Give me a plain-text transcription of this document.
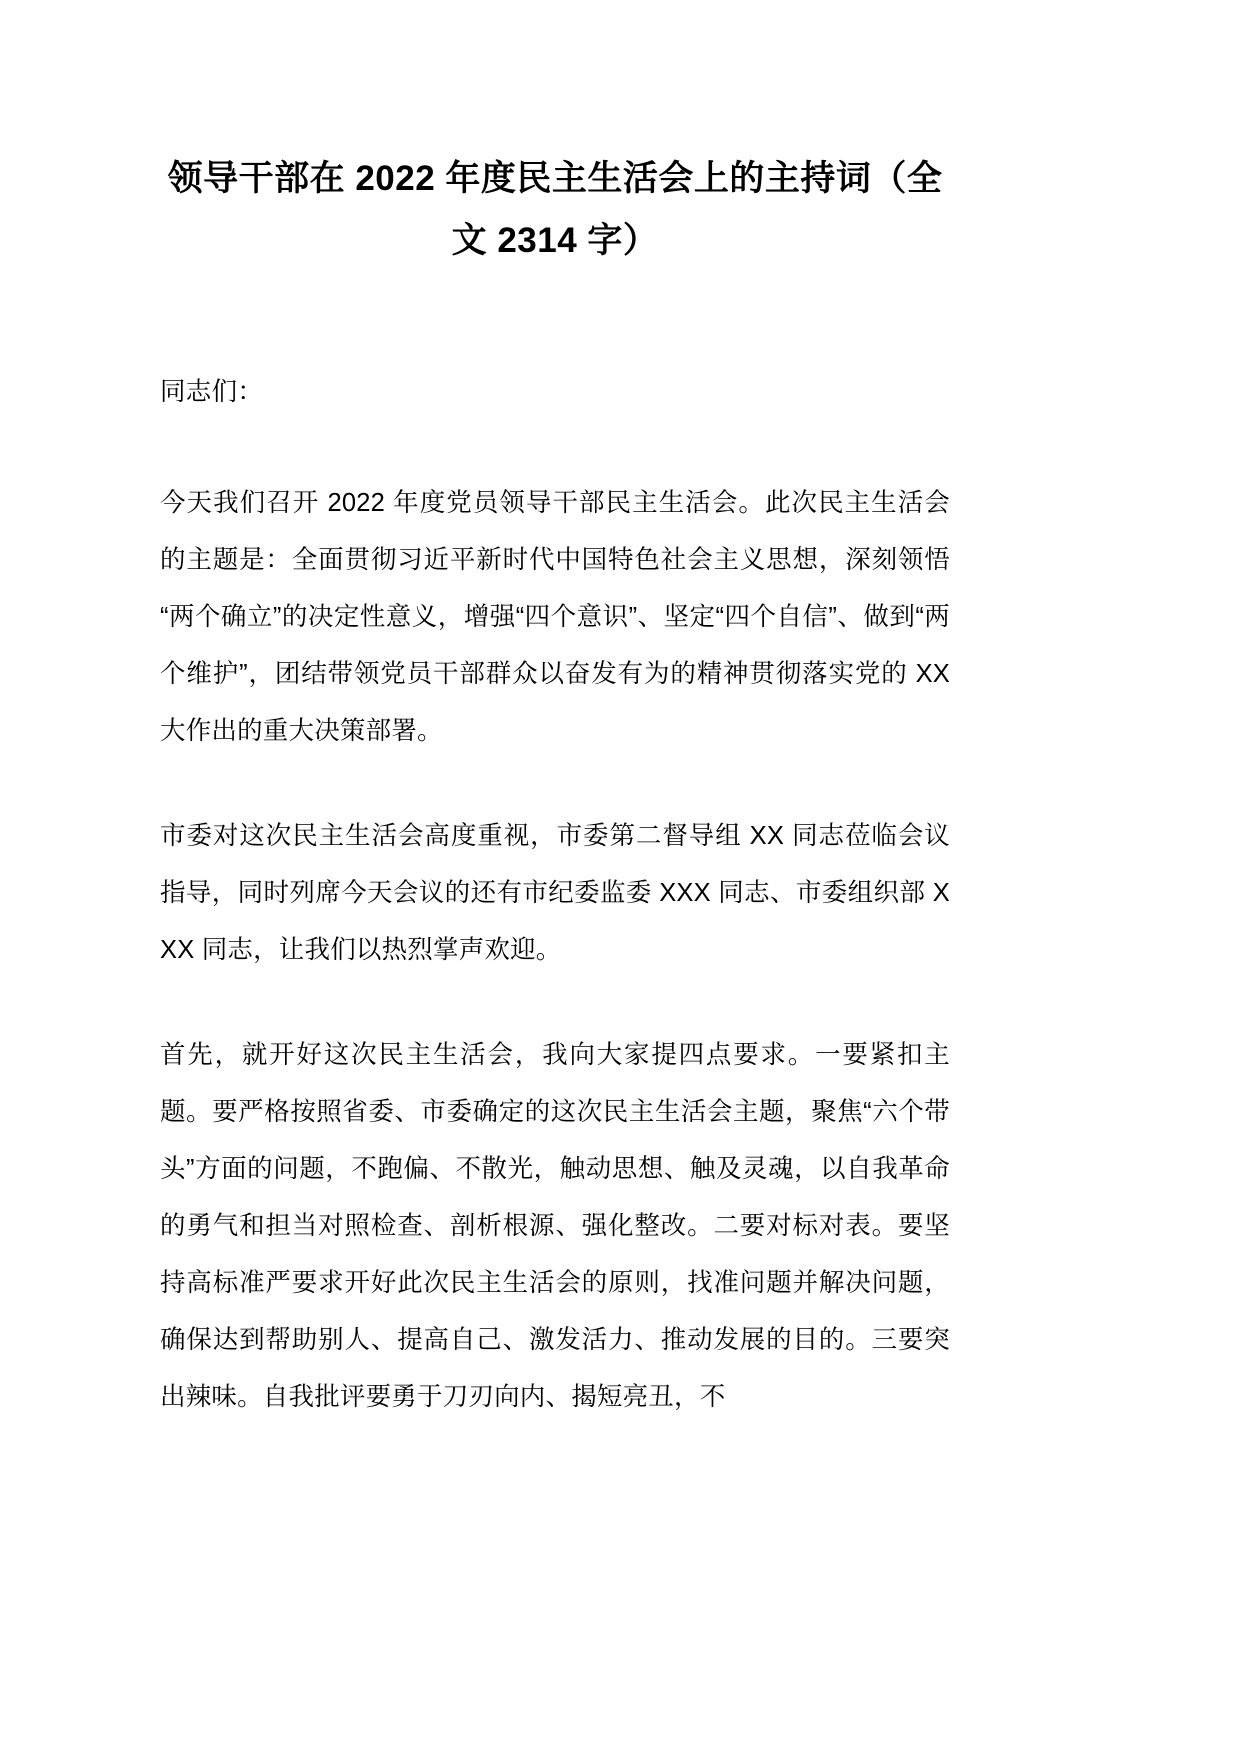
领导干部在 2022 年度民主生活会上的主持词（全文 2314 字）

同志们：

今天我们召开 2022 年度党员领导干部民主生活会。此次民主生活会的主题是：全面贯彻习近平新时代中国特色社会主义思想，深刻领悟“两个确立”的决定性意义，增强“四个意识”、坚定“四个自信”、做到“两个维护”，团结带领党员干部群众以奋发有为的精神贯彻落实党的 XX 大作出的重大决策部署。

市委对这次民主生活会高度重视，市委第二督导组 XX 同志莅临会议指导，同时列席今天会议的还有市纪委监委 XXX 同志、市委组织部 XXX 同志，让我们以热烈掌声欢迎。

首先，就开好这次民主生活会，我向大家提四点要求。一要紧扣主题。要严格按照省委、市委确定的这次民主生活会主题，聚焦“六个带头”方面的问题，不跑偏、不散光，触动思想、触及灵魂，以自我革命的勇气和担当对照检查、剖析根源、强化整改。二要对标对表。要坚持高标准严要求开好此次民主生活会的原则，找准问题并解决问题，确保达到帮助别人、提高自己、激发活力、推动发展的目的。三要突出辣味。自我批评要勇于刀刃向内、揭短亮丑，不
